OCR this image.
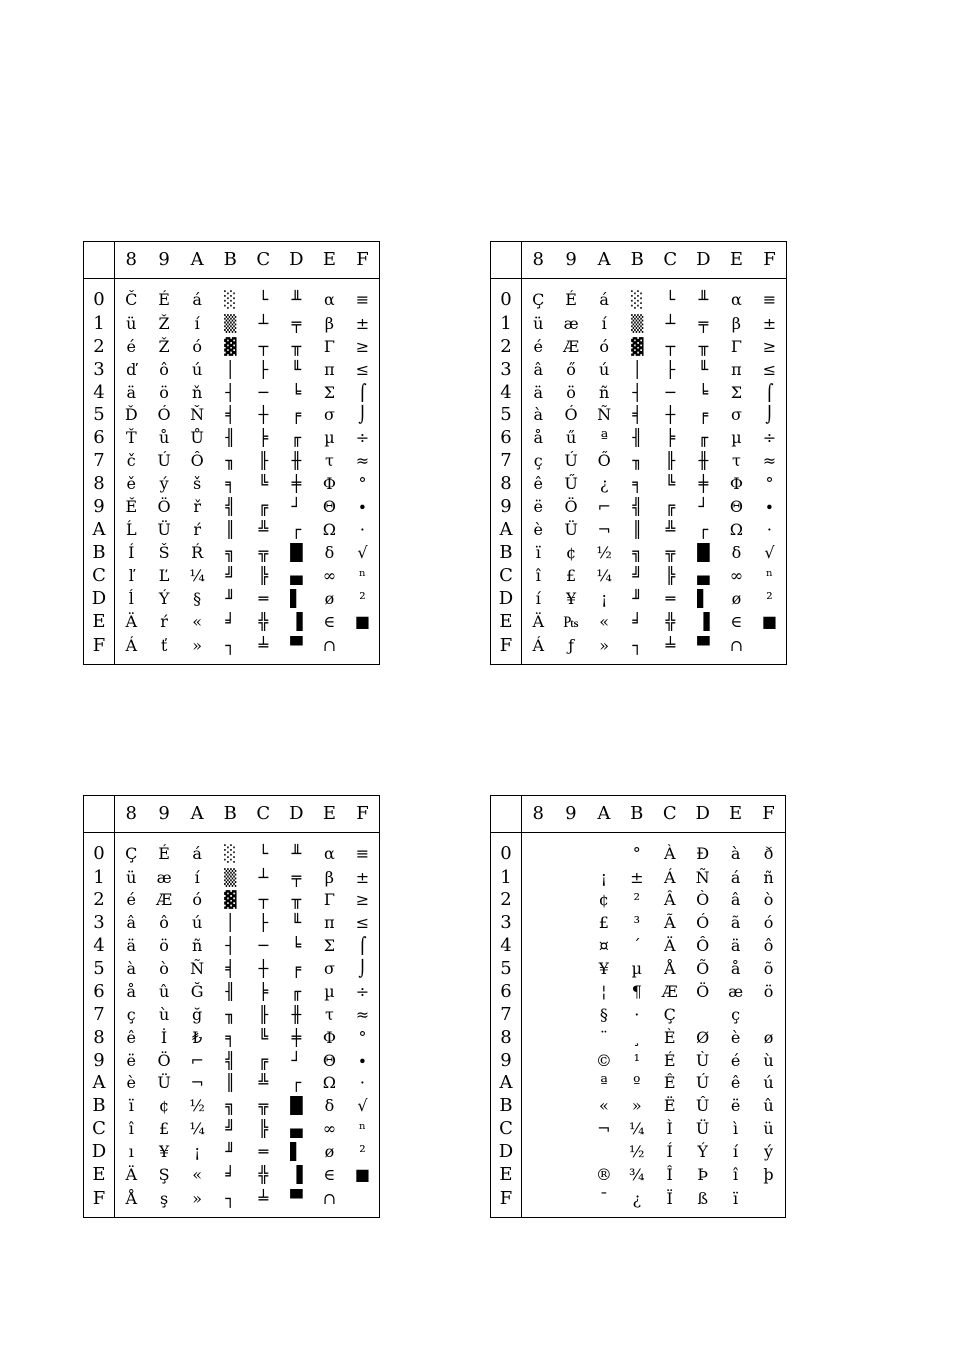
	8	9	A	B	C	D	E	F
0	Č	É	á	░	└	╨	α	≡
1	ü	Ž	í	▒	┴	╤	β	±
2	é	Ž	ó	▓	┬	╥	Γ	≥
3	ď	ô	ú	│	├	╙	π	≤
4	ä	ö	ň	┤	─	╘	Σ	⌠
5	Ď	Ó	Ň	╡	┼	╒	σ	⌡
6	Ť	ů	Ů	╢	╞	╓	µ	÷
7	č	Ú	Ô	╖	╟	╫	τ	≈
8	ě	ý	š	╕	╚	╪	Φ	°
9	Ě	Ö	ř	╣	╔	┘	Θ	∙
A	Ĺ	Ü	ŕ	║	╩	┌	Ω	·
B	Í	Š	Ŕ	╗	╦	█	δ	√
C	ľ	Ľ	¼	╝	╠	▄	∞	ⁿ
D	ĺ	Ý	§	╜	═	▌	ø	²
E	Ä	ŕ	«	╛	╬	▐	∈	■
F	Á	ť	»	┐	╧	▀	∩	
	8	9	A	B	C	D	E	F
0	Ç	É	á	░	└	╨	α	≡
1	ü	æ	í	▒	┴	╤	β	±
2	é	Æ	ó	▓	┬	╥	Γ	≥
3	â	ő	ú	│	├	╙	π	≤
4	ä	ö	ñ	┤	─	╘	Σ	⌠
5	à	Ó	Ñ	╡	┼	╒	σ	⌡
6	å	ű	ª	╢	╞	╓	µ	÷
7	ç	Ú	Ő	╖	╟	╫	τ	≈
8	ê	Ű	¿	╕	╚	╪	Φ	°
9	ë	Ö	⌐	╣	╔	┘	Θ	∙
A	è	Ü	¬	║	╩	┌	Ω	·
B	ï	¢	½	╗	╦	█	δ	√
C	î	£	¼	╝	╠	▄	∞	ⁿ
D	í	¥	¡	╜	═	▌	ø	²
E	Ä	₧	«	╛	╬	▐	∈	■
F	Á	ƒ	»	┐	╧	▀	∩	
	8	9	A	B	C	D	E	F
0	Ç	É	á	░	└	╨	α	≡
1	ü	æ	í	▒	┴	╤	β	±
2	é	Æ	ó	▓	┬	╥	Γ	≥
3	â	ô	ú	│	├	╙	π	≤
4	ä	ö	ñ	┤	─	╘	Σ	⌠
5	à	ò	Ñ	╡	┼	╒	σ	⌡
6	å	û	Ğ	╢	╞	╓	µ	÷
7	ç	ù	ğ	╖	╟	╫	τ	≈
8	ê	İ	₺	╕	╚	╪	Φ	°
9	ë	Ö	⌐	╣	╔	┘	Θ	∙
A	è	Ü	¬	║	╩	┌	Ω	·
B	ï	¢	½	╗	╦	█	δ	√
C	î	£	¼	╝	╠	▄	∞	ⁿ
D	ı	¥	¡	╜	═	▌	ø	²
E	Ä	Ş	«	╛	╬	▐	∈	■
F	Å	ş	»	┐	╧	▀	∩	
	8	9	A	B	C	D	E	F
0				°	À	Ð	à	ð
1			¡	±	Á	Ñ	á	ñ
2			¢	²	Â	Ò	â	ò
3			£	³	Ã	Ó	ã	ó
4			¤	´	Ä	Ô	ä	ô
5			¥	µ	Å	Õ	å	õ
6			¦	¶	Æ	Ö	æ	ö
7			§	·	Ç		ç	
8			¨	¸	È	Ø	è	ø
9			©	¹	É	Ù	é	ù
A			ª	º	Ê	Ú	ê	ú
B			«	»	Ë	Û	ë	û
C			¬	¼	Ì	Ü	ì	ü
D				½	Í	Ý	í	ý
E			®	¾	Î	Þ	î	þ
F			¯	¿	Ï	ß	ï	
